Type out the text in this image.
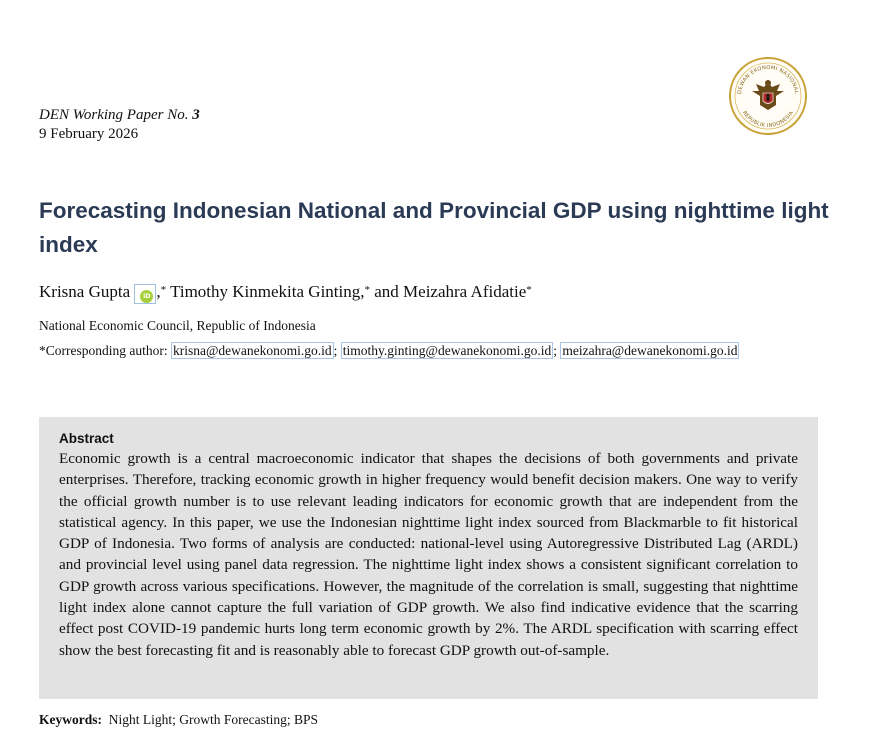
DEWAN EKONOMI NASIONAL
REPUBLIK INDONESIA
DEN Working Paper No. 3
9 February 2026
Forecasting Indonesian National and Provincial GDP using nighttime light index
Krisna Gupta	iD ,* Timothy Kinmekita Ginting,* and Meizahra Afidatie*
National Economic Council, Republic of Indonesia
*Corresponding author: krisna@dewanekonomi.go.id ; timothy.ginting@dewanekonomi.go.id ; meizahra@dewanekonomi.go.id

Abstract

Economic growth is a central macroeconomic indicator that shapes the decisions of both governments and private enterprises. Therefore, tracking economic growth in higher frequency would benefit decision makers. One way to verify the official growth number is to use relevant leading indicators for economic growth that are independent from the statistical agency. In this paper, we use the Indonesian nighttime light index sourced from Blackmarble to fit historical GDP of Indonesia. Two forms of analysis are conducted: national-level using Autoregressive Distributed Lag (ARDL) and provincial level using panel data regression. The nighttime light index shows a consistent significant correlation to GDP growth across various specifications. However, the magnitude of the correlation is small, suggesting that nighttime light index alone cannot capture the full variation of GDP growth. We also find indicative evidence that the scarring effect post COVID-19 pandemic hurts long term economic growth by 2%. The ARDL specification with scarring effect show the best forecasting fit and is reasonably able to forecast GDP growth out-of-sample.

Keywords: Night Light; Growth Forecasting; BPS
